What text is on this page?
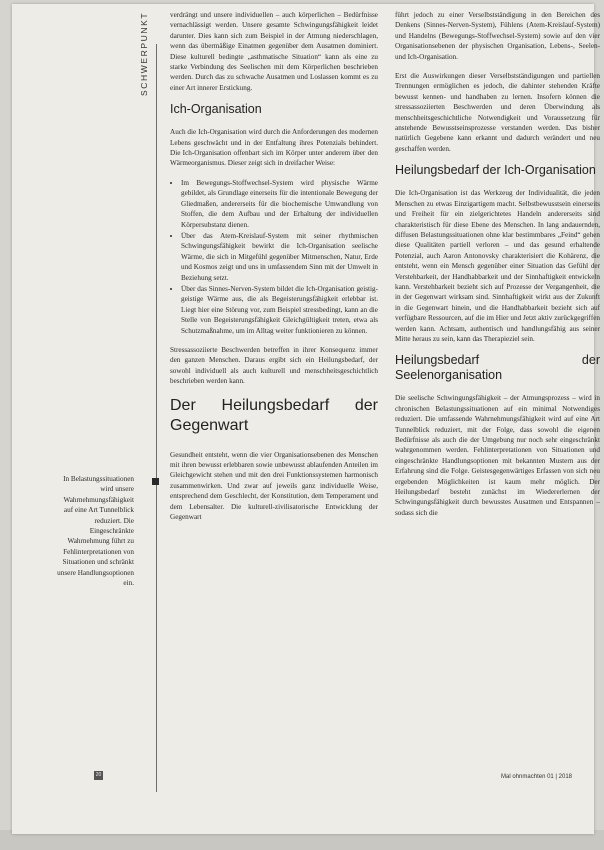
SCHWERPUNKT
In Belastungssituationen wird unsere Wahrnehmungsfähigkeit auf eine Art Tunnelblick reduziert. Die Eingeschränkte Wahrnehmung führt zu Fehlinterpretationen von Situationen und schränkt unsere Handlungsoptionen ein.

verdrängt und unsere individuellen – auch körperlichen – Bedürfnisse vernachlässigt werden. Unsere gesamte Schwingungsfähigkeit leidet darunter. Dies kann sich zum Beispiel in der Atmung niederschlagen, wenn das übermäßige Einatmen gegenüber dem Ausatmen dominiert. Diese kulturell bedingte „asthmatische Situation“ kann als eine zu starke Verbindung des Seelischen mit dem Körperlichen beschrieben werden. Durch das zu schwache Ausatmen und Loslassen kommt es zu einer Art innerer Erstickung.

Ich-Organisation

Auch die Ich-Organisation wird durch die Anforderungen des modernen Lebens geschwächt und in der Entfaltung ihres Potenzials behindert. Die Ich-Organisation offenbart sich im Körper unter anderem über den Wärmeorganismus. Dieser zeigt sich in dreifacher Weise:

• Im Bewegungs-Stoffwechsel-System wird physische Wärme gebildet, als Grundlage einerseits für die intentionale Bewegung der Gliedmaßen, andererseits für die biochemische Umwandlung von Stoffen, die dem Aufbau und der Erhaltung der individuellen Körpersubstanz dienen.
• Über das Atem-Kreislauf-System mit seiner rhythmischen Schwingungsfähigkeit bewirkt die Ich-Organisation seelische Wärme, die sich in Mitgefühl gegenüber Mitmenschen, Natur, Erde und Kosmos zeigt und uns in umfassendem Sinn mit der Umwelt in Beziehung setzt.
• Über das Sinnes-Nerven-System bildet die Ich-Organisation geistig-geistige Wärme aus, die als Begeisterungsfähigkeit erlebbar ist. Liegt hier eine Störung vor, zum Beispiel stressbedingt, kann an die Stelle von Begeisterungsfähigkeit Gleichgültigkeit treten, etwa als Schutzmaßnahme, um im Alltag weiter funktionieren zu können.

Stressassoziierte Beschwerden betreffen in ihrer Konsequenz immer den ganzen Menschen. Daraus ergibt sich ein Heilungsbedarf, der sowohl individuell als auch kulturell und menschheitsgeschichtlich beschrieben werden kann.

Der Heilungsbedarf der Gegenwart

Gesundheit entsteht, wenn die vier Organisationsebenen des Menschen mit ihren bewusst erlebbaren sowie unbewusst ablaufenden Anteilen im Gleichgewicht stehen und mit den drei Funktionssystemen harmonisch zusammenwirken. Und zwar auf jeweils ganz individuelle Weise, entsprechend dem Geschlecht, der Konstitution, dem Temperament und dem Lebensalter. Die kulturell-zivilisatorische Entwicklung der Gegenwart

führt jedoch zu einer Verselbstständigung in den Bereichen des Denkens (Sinnes-Nerven-System), Fühlens (Atem-Kreislauf-System) und Handelns (Bewegungs-Stoffwechsel-System) sowie auf den vier Organisationsebenen der physischen Organisation, Lebens-, Seelen- und Ich-Organisation.

Erst die Auswirkungen dieser Verselbstständigungen und partiellen Trennungen ermöglichen es jedoch, die dahinter stehenden Kräfte bewusst kennen- und handhaben zu lernen. Insofern können die stressassoziierten Beschwerden und deren Überwindung als menschheitsgeschichtliche Notwendigkeit und Voraussetzung für anstehende Bewusstseinsprozesse verstanden werden. Das bisher natürlich Gegebene kann erkannt und dadurch verändert und neu geschaffen werden.

Heilungsbedarf der Ich-Organisation

Die Ich-Organisation ist das Werkzeug der Individualität, die jeden Menschen zu etwas Einzigartigem macht. Selbstbewusstsein einerseits und Freiheit für ein zielgerichtetes Handeln andererseits sind charakteristisch für diese Ebene des Menschen. In lang andauernden, diffusen Belastungssituationen ohne klar bestimmbares „Feind“ gehen diese Qualitäten partiell verloren – und das gesund erhaltende Potenzial, auch Aaron Antonovsky charakterisiert die Kohärenz, die entsteht, wenn ein Mensch gegenüber einer Situation das Gefühl der Verstehbarkeit, der Handhabbarkeit und der Sinnhaftigkeit entwickeln kann. Verstehbarkeit bezieht sich auf Prozesse der Vergangenheit, die in der Gegenwart wirksam sind. Sinnhaftigkeit wirkt aus der Zukunft in die Gegenwart hinein, und die Handhabbarkeit bezieht sich auf verfügbare Ressourcen, auf die im Hier und Jetzt aktiv zurückgegriffen werden kann. Achtsam, authentisch und handlungsfähig aus seiner Mitte heraus zu sein, kann das Therapieziel sein.

Heilungsbedarf der Seelenorganisation

Die seelische Schwingungsfähigkeit – der Atmungsprozess – wird in chronischen Belastungssituationen auf ein minimal Notwendiges reduziert. Die umfassende Wahrnehmungsfähigkeit wird auf eine Art Tunnelblick reduziert, mit der Folge, dass sowohl die eigenen Bedürfnisse als auch die der Umgebung nur noch sehr eingeschränkt wahrgenommen werden. Fehlinterpretationen von Situationen und eingeschränkte Handlungsoptionen mit bekannten Mustern aus der Erfahrung sind die Folge. Geistesgegenwärtiges Erfassen von sich neu ergebenden Möglichkeiten ist kaum mehr möglich. Der Heilungsbedarf besteht zunächst im Wiedererlernen der Schwingungsfähigkeit durch bewusstes Ausatmen und Entspannen – sodass sich die

20	Mal ohnmachten 01 | 2018
